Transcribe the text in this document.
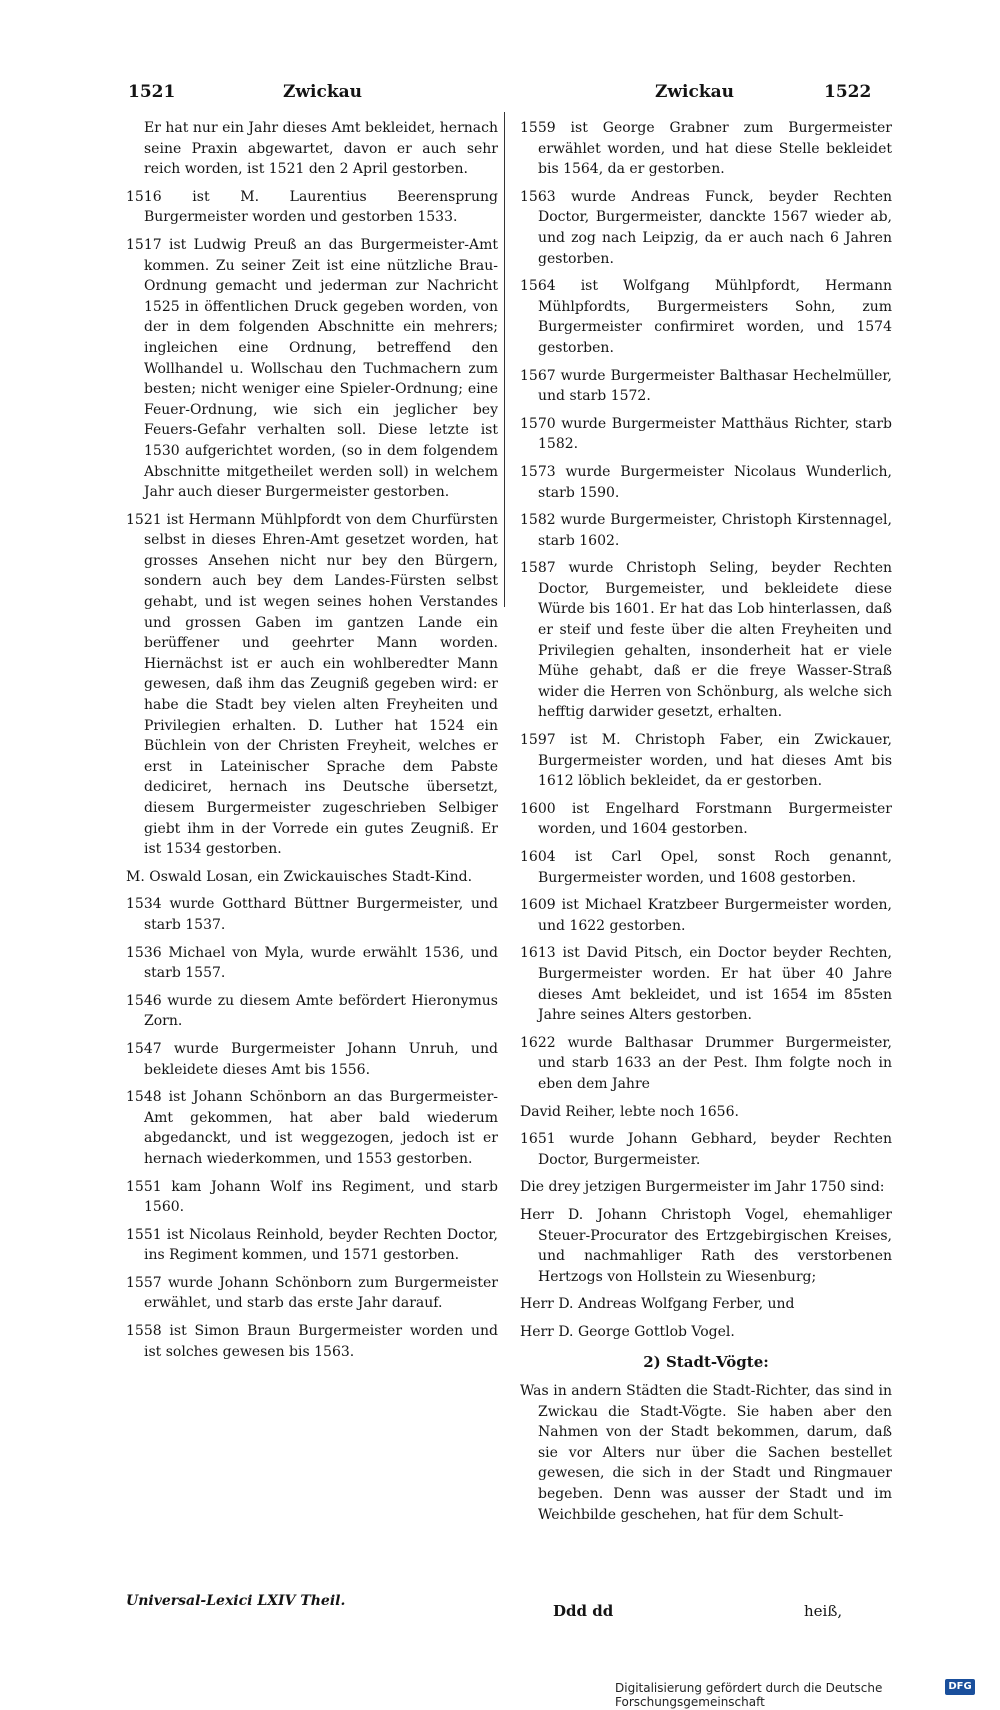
1521	Zwickau	Zwickau	1522

Er hat nur ein Jahr dieses Amt bekleidet, hernach seine Praxin abgewartet, davon er auch sehr reich worden, ist 1521 den 2 April gestorben.

1516 ist M. Laurentius Beerensprung Burgermeister worden und gestorben 1533.

1517 ist Ludwig Preuß an das Burgermeister-Amt kommen. Zu seiner Zeit ist eine nützliche Brau-Ordnung gemacht und jederman zur Nachricht 1525 in öffentlichen Druck gegeben worden, von der in dem folgenden Abschnitte ein mehrers; ingleichen eine Ordnung, betreffend den Wollhandel u. Wollschau den Tuchmachern zum besten; nicht weniger eine Spieler-Ordnung; eine Feuer-Ordnung, wie sich ein jeglicher bey Feuers-Gefahr verhalten soll. Diese letzte ist 1530 aufgerichtet worden, (so in dem folgendem Abschnitte mitgetheilet werden soll) in welchem Jahr auch dieser Burgermeister gestorben.

1521 ist Hermann Mühlpfordt von dem Churfürsten selbst in dieses Ehren-Amt gesetzet worden, hat grosses Ansehen nicht nur bey den Bürgern, sondern auch bey dem Landes-Fürsten selbst gehabt, und ist wegen seines hohen Verstandes und grossen Gaben im gantzen Lande ein berüffener und geehrter Mann worden. Hiernächst ist er auch ein wohlberedter Mann gewesen, daß ihm das Zeugniß gegeben wird: er habe die Stadt bey vielen alten Freyheiten und Privilegien erhalten. D. Luther hat 1524 ein Büchlein von der Christen Freyheit, welches er erst in Lateinischer Sprache dem Pabste dediciret, hernach ins Deutsche übersetzt, diesem Burgermeister zugeschrieben Selbiger giebt ihm in der Vorrede ein gutes Zeugniß. Er ist 1534 gestorben.

M. Oswald Losan, ein Zwickauisches Stadt-Kind.

1534 wurde Gotthard Büttner Burgermeister, und starb 1537.

1536 Michael von Myla, wurde erwählt 1536, und starb 1557.

1546 wurde zu diesem Amte befördert Hieronymus Zorn.

1547 wurde Burgermeister Johann Unruh, und bekleidete dieses Amt bis 1556.

1548 ist Johann Schönborn an das Burgermeister-Amt gekommen, hat aber bald wiederum abgedanckt, und ist weggezogen, jedoch ist er hernach wiederkommen, und 1553 gestorben.

1551 kam Johann Wolf ins Regiment, und starb 1560.

1551 ist Nicolaus Reinhold, beyder Rechten Doctor, ins Regiment kommen, und 1571 gestorben.

1557 wurde Johann Schönborn zum Burgermeister erwählet, und starb das erste Jahr darauf.

1558 ist Simon Braun Burgermeister worden und ist solches gewesen bis 1563.

1559 ist George Grabner zum Burgermeister erwählet worden, und hat diese Stelle bekleidet bis 1564, da er gestorben.

1563 wurde Andreas Funck, beyder Rechten Doctor, Burgermeister, danckte 1567 wieder ab, und zog nach Leipzig, da er auch nach 6 Jahren gestorben.

1564 ist Wolfgang Mühlpfordt, Hermann Mühlpfordts, Burgermeisters Sohn, zum Burgermeister confirmiret worden, und 1574 gestorben.

1567 wurde Burgermeister Balthasar Hechelmüller, und starb 1572.

1570 wurde Burgermeister Matthäus Richter, starb 1582.

1573 wurde Burgermeister Nicolaus Wunderlich, starb 1590.

1582 wurde Burgermeister, Christoph Kirstennagel, starb 1602.

1587 wurde Christoph Seling, beyder Rechten Doctor, Burgemeister, und bekleidete diese Würde bis 1601. Er hat das Lob hinterlassen, daß er steif und feste über die alten Freyheiten und Privilegien gehalten, insonderheit hat er viele Mühe gehabt, daß er die freye Wasser-Straß wider die Herren von Schönburg, als welche sich hefftig darwider gesetzt, erhalten.

1597 ist M. Christoph Faber, ein Zwickauer, Burgermeister worden, und hat dieses Amt bis 1612 löblich bekleidet, da er gestorben.

1600 ist Engelhard Forstmann Burgermeister worden, und 1604 gestorben.

1604 ist Carl Opel, sonst Roch genannt, Burgermeister worden, und 1608 gestorben.

1609 ist Michael Kratzbeer Burgermeister worden, und 1622 gestorben.

1613 ist David Pitsch, ein Doctor beyder Rechten, Burgermeister worden. Er hat über 40 Jahre dieses Amt bekleidet, und ist 1654 im 85sten Jahre seines Alters gestorben.

1622 wurde Balthasar Drummer Burgermeister, und starb 1633 an der Pest. Ihm folgte noch in eben dem Jahre

David Reiher, lebte noch 1656.

1651 wurde Johann Gebhard, beyder Rechten Doctor, Burgermeister.

Die drey jetzigen Burgermeister im Jahr 1750 sind:

Herr D. Johann Christoph Vogel, ehemahliger Steuer-Procurator des Ertzgebirgischen Kreises, und nachmahliger Rath des verstorbenen Hertzogs von Hollstein zu Wiesenburg;

Herr D. Andreas Wolfgang Ferber, und

Herr D. George Gottlob Vogel.

2) Stadt-Vögte:

Was in andern Städten die Stadt-Richter, das sind in Zwickau die Stadt-Vögte. Sie haben aber den Nahmen von der Stadt bekommen, darum, daß sie vor Alters nur über die Sachen bestellet gewesen, die sich in der Stadt und Ringmauer begeben. Denn was ausser der Stadt und im Weichbilde geschehen, hat für dem Schult-

Universal-Lexici LXIV Theil.
Ddd dd	heiß,
Digitalisierung gefördert durch die Deutsche Forschungsgemeinschaft
DFG
